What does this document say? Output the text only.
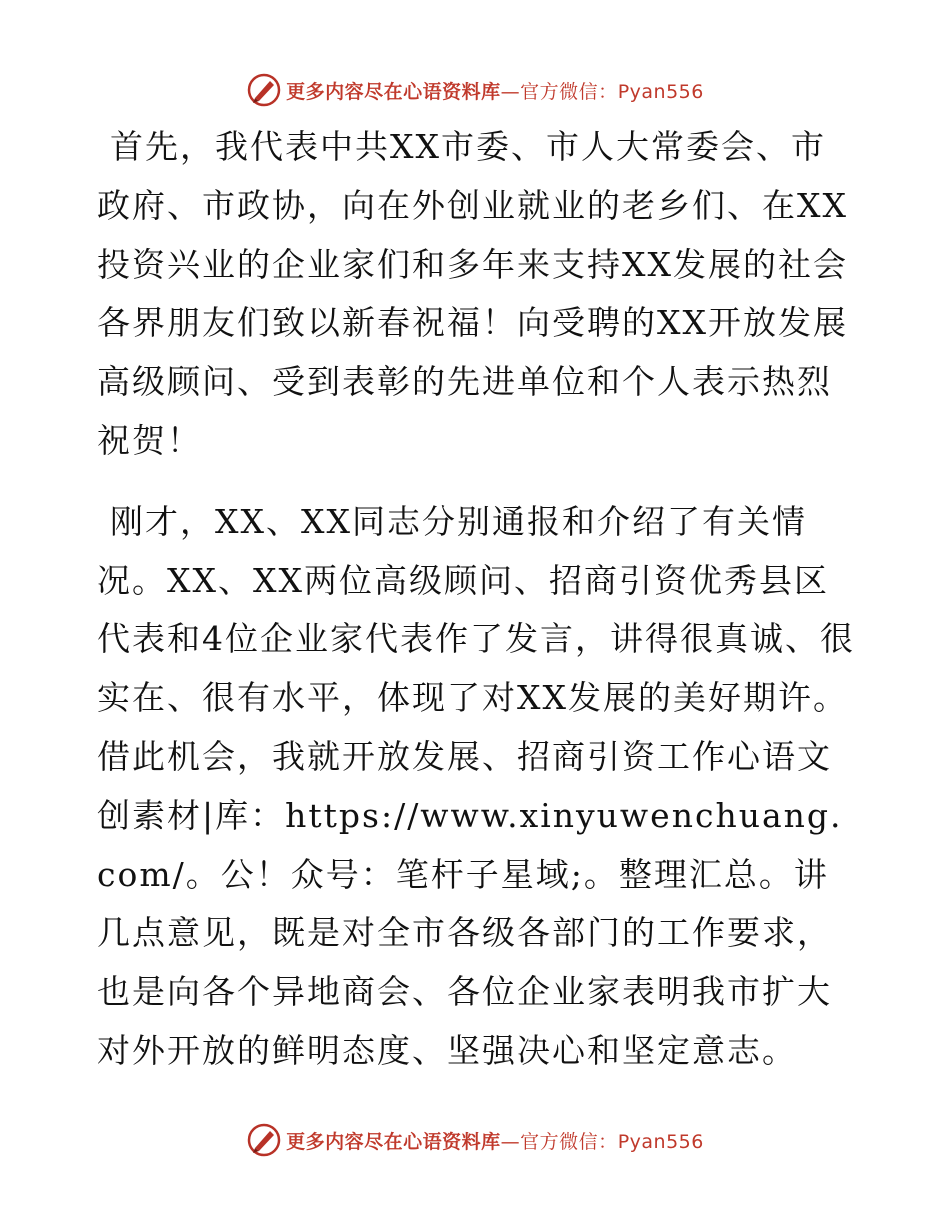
更多内容尽在心语资料库—官方微信：Pyan556

首先，我代表中共XX市委、市人大常委会、市政府、市政协，向在外创业就业的老乡们、在XX投资兴业的企业家们和多年来支持XX发展的社会各界朋友们致以新春祝福！向受聘的XX开放发展高级顾问、受到表彰的先进单位和个人表示热烈祝贺！

刚才，XX、XX同志分别通报和介绍了有关情况。XX、XX两位高级顾问、招商引资优秀县区代表和4位企业家代表作了发言，讲得很真诚、很实在、很有水平，体现了对XX发展的美好期许。借此机会，我就开放发展、招商引资工作心语文创素材|库：https://www.xinyuwenchuang.com/。公！众号：笔杆子星域;。整理汇总。讲几点意见，既是对全市各级各部门的工作要求，也是向各个异地商会、各位企业家表明我市扩大对外开放的鲜明态度、坚强决心和坚定意志。

更多内容尽在心语资料库—官方微信：Pyan556
